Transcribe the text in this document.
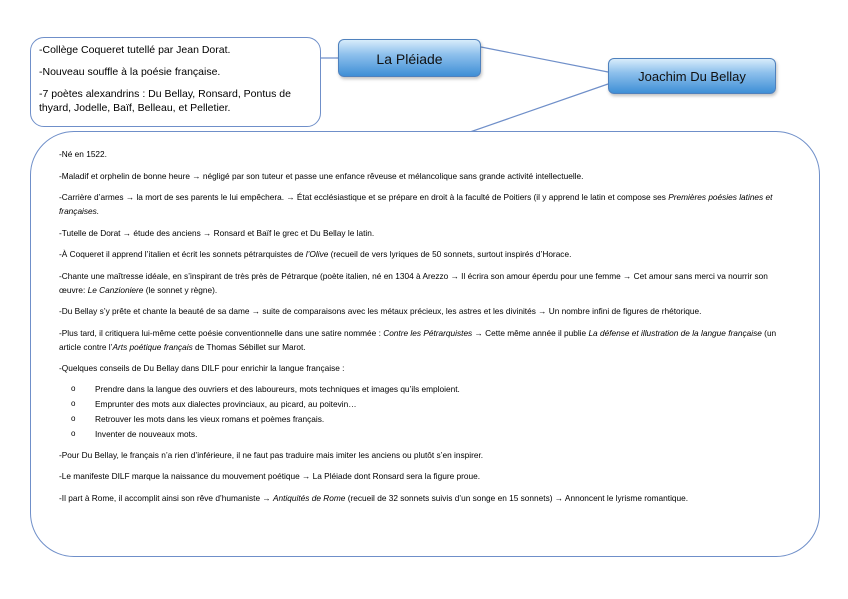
-Collège Coqueret tutellé par Jean Dorat.

-Nouveau souffle à la poésie française.

-7 poètes alexandrins : Du Bellay, Ronsard, Pontus de thyard, Jodelle, Baïf, Belleau, et Pelletier.

La Pléiade
Joachim Du Bellay

-Né en 1522.

-Maladif et orphelin de bonne heure → négligé par son tuteur et passe une enfance rêveuse et mélancolique sans grande activité intellectuelle.

-Carrière d’armes → la mort de ses parents le lui empêchera. → État ecclésiastique et se prépare en droit à la faculté de Poitiers (il y apprend le latin et compose ses Premières poésies latines et françaises.

-Tutelle de Dorat → étude des anciens → Ronsard et Baïf le grec et Du Bellay le latin.

-À Coqueret il apprend l’italien et écrit les sonnets pétrarquistes de l’Olive (recueil de vers lyriques de 50 sonnets, surtout inspirés d’Horace.

-Chante une maîtresse idéale, en s’inspirant de très près de Pétrarque (poète italien, né en 1304 à Arezzo → Il écrira son amour éperdu pour une femme → Cet amour sans merci va nourrir son œuvre: Le Canzioniere (le sonnet y règne).

-Du Bellay s’y prête et chante la beauté de sa dame → suite de comparaisons avec les métaux précieux, les astres et les divinités → Un nombre infini de figures de rhétorique.

-Plus tard, il critiquera lui-même cette poésie conventionnelle dans une satire nommée : Contre les Pétrarquistes → Cette même année il publie La défense et illustration de la langue française (un article contre l’Arts poétique français de Thomas Sébillet sur Marot.

-Quelques conseils de Du Bellay dans DILF pour enrichir la langue française :

o Prendre dans la langue des ouvriers et des laboureurs, mots techniques et images qu’ils emploient.
o Emprunter des mots aux dialectes provinciaux, au picard, au poitevin…
o Retrouver les mots dans les vieux romans et poèmes français.
o Inventer de nouveaux mots.

-Pour Du Bellay, le français n’a rien d’inférieure, il ne faut pas traduire mais imiter les anciens ou plutôt s’en inspirer.

-Le manifeste DILF marque la naissance du mouvement poétique → La Pléiade dont Ronsard sera la figure proue.

-Il part à Rome, il accomplit ainsi son rêve d’humaniste → Antiquités de Rome (recueil de 32 sonnets suivis d’un songe en 15 sonnets) → Annoncent le lyrisme romantique.
